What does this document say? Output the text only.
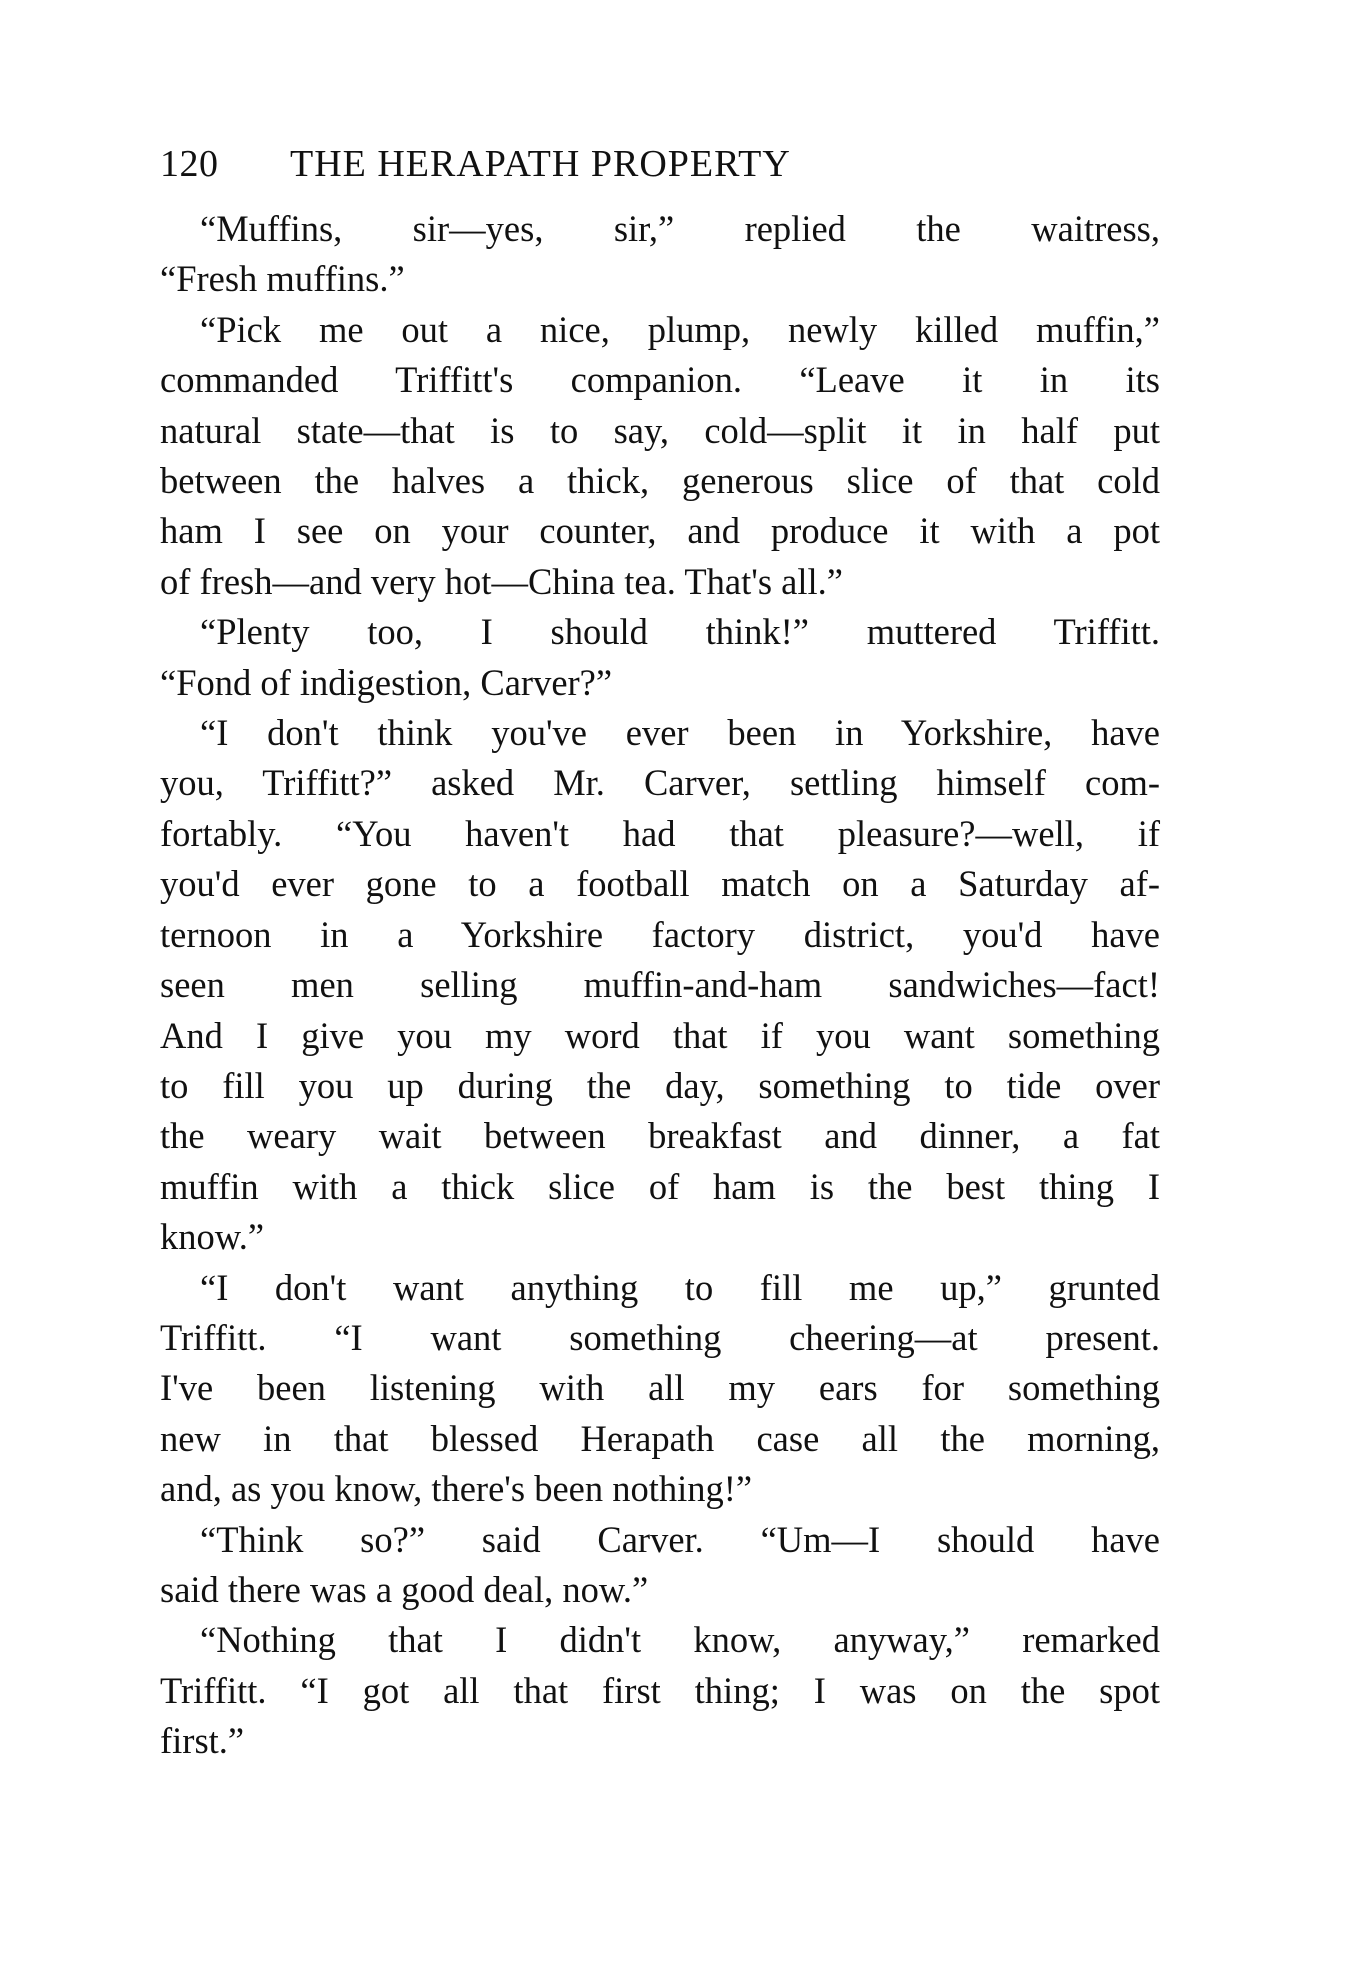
120	THE HERAPATH PROPERTY
“Muffins, sir—yes, sir,” replied the waitress,
“Fresh muffins.”
“Pick me out a nice, plump, newly killed muffin,”
commanded Triffitt's companion. “Leave it in its
natural state—that is to say, cold—split it in half put
between the halves a thick, generous slice of that cold
ham I see on your counter, and produce it with a pot
of fresh—and very hot—China tea. That's all.”
“Plenty too, I should think!” muttered Triffitt.
“Fond of indigestion, Carver?”
“I don't think you've ever been in Yorkshire, have
you, Triffitt?” asked Mr. Carver, settling himself com-
fortably. “You haven't had that pleasure?—well, if
you'd ever gone to a football match on a Saturday af-
ternoon in a Yorkshire factory district, you'd have
seen men selling muffin-and-ham sandwiches—fact!
And I give you my word that if you want something
to fill you up during the day, something to tide over
the weary wait between breakfast and dinner, a fat
muffin with a thick slice of ham is the best thing I
know.”
“I don't want anything to fill me up,” grunted
Triffitt. “I want something cheering—at present.
I've been listening with all my ears for something
new in that blessed Herapath case all the morning,
and, as you know, there's been nothing!”
“Think so?” said Carver. “Um—I should have
said there was a good deal, now.”
“Nothing that I didn't know, anyway,” remarked
Triffitt. “I got all that first thing; I was on the spot
first.”
